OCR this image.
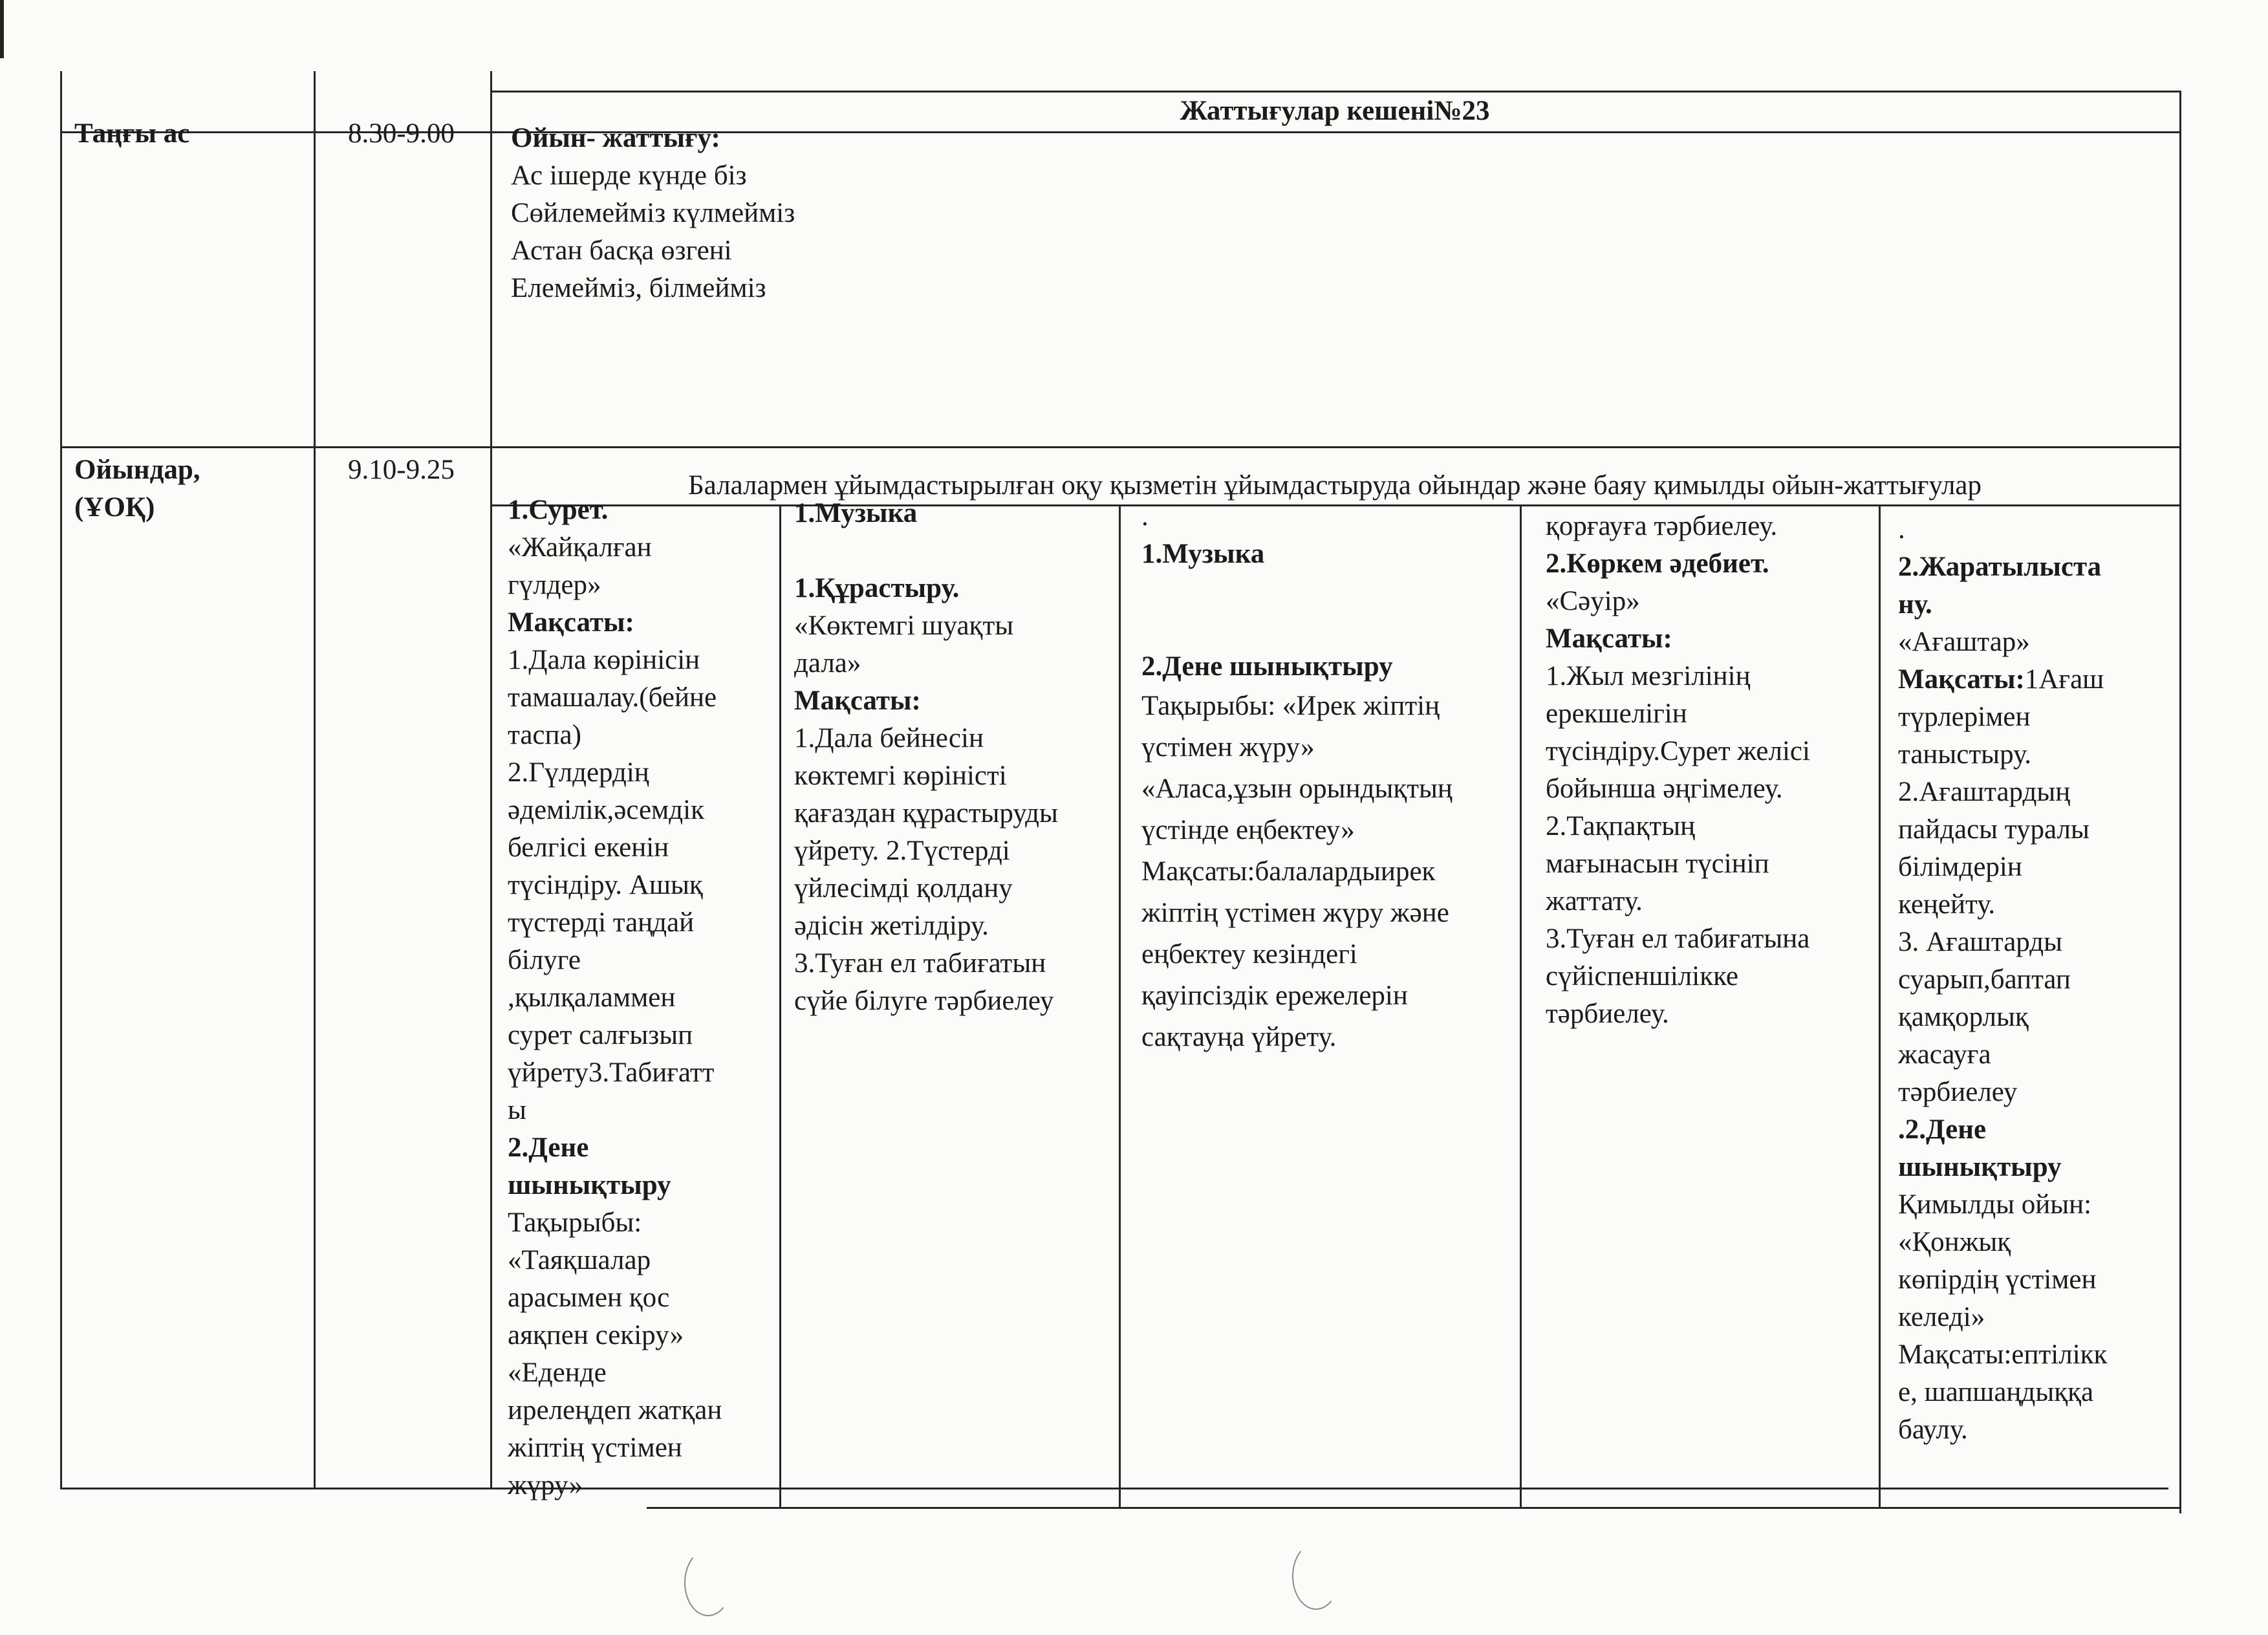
Жаттығулар кешені№23
Таңғы ас	8.30-9.00 Ойын- жаттығу:
Ас ішерде күнде біз
Сөйлемейміз күлмейміз
Астан басқа өзгені
Елемейміз, білмейміз
Ойындар,
(ҰОҚ)
9.10-9.25
Балалармен ұйымдастырылған оқу қызметін ұйымдастыруда ойындар және баяу қимылды ойын-жаттығулар
1.Сурет.
«Жайқалған
гүлдер»
Мақсаты:
1.Дала көрінісін
тамашалау.(бейне
таспа)
2.Гүлдердің
әдемілік,әсемдік
белгісі екенін
түсіндіру. Ашық
түстерді таңдай
білуге
,қылқаламмен
сурет салғызып
үйрету3.Табиғатт
ы
2.Дене
шынықтыру
Тақырыбы:
«Таяқшалар
арасымен қос
аяқпен секіру»
«Еденде
ирелеңдеп жатқан
жіптің үстімен
жүру»
1.Музыка

1.Құрастыру.
«Көктемгі шуақты
дала»
Мақсаты:
1.Дала бейнесін
көктемгі көріністі
қағаздан құрастыруды
үйрету. 2.Түстерді
үйлесімді қолдану
әдісін жетілдіру.
3.Туған ел табиғатын
сүйе білуге тәрбиелеу
.
1.Музыка

2.Дене шынықтыру

Тақырыбы: «Ирек жіптің
үстімен жүру»
«Аласа,ұзын орындықтың
үстінде еңбектеу»
Мақсаты:балалардыирек
жіптің үстімен жүру және
еңбектеу кезіндегі
қауіпсіздік ережелерін
сақтауңа үйрету.
қорғауға тәрбиелеу.
2.Көркем әдебиет.
«Сәуір»
Мақсаты:
1.Жыл мезгілінің
ерекшелігін
түсіндіру.Сурет желісі
бойынша әңгімелеу.
2.Тақпақтың
мағынасын түсініп
жаттату.
3.Туған ел табиғатына
сүйіспеншілікке
тәрбиелеу.
.
2.Жаратылыста
ну.
«Ағаштар»
Мақсаты:1Ағаш
түрлерімен
таныстыру.
2.Ағаштардың
пайдасы туралы
білімдерін
кеңейту.
3. Ағаштарды
суарып,баптап
қамқорлық
жасауға
тәрбиелеу
.2.Дене
шынықтыру
Қимылды ойын:
«Қонжық
көпірдің үстімен
келеді»
Мақсаты:ептілікк
е, шапшаңдыққа
баулу.
